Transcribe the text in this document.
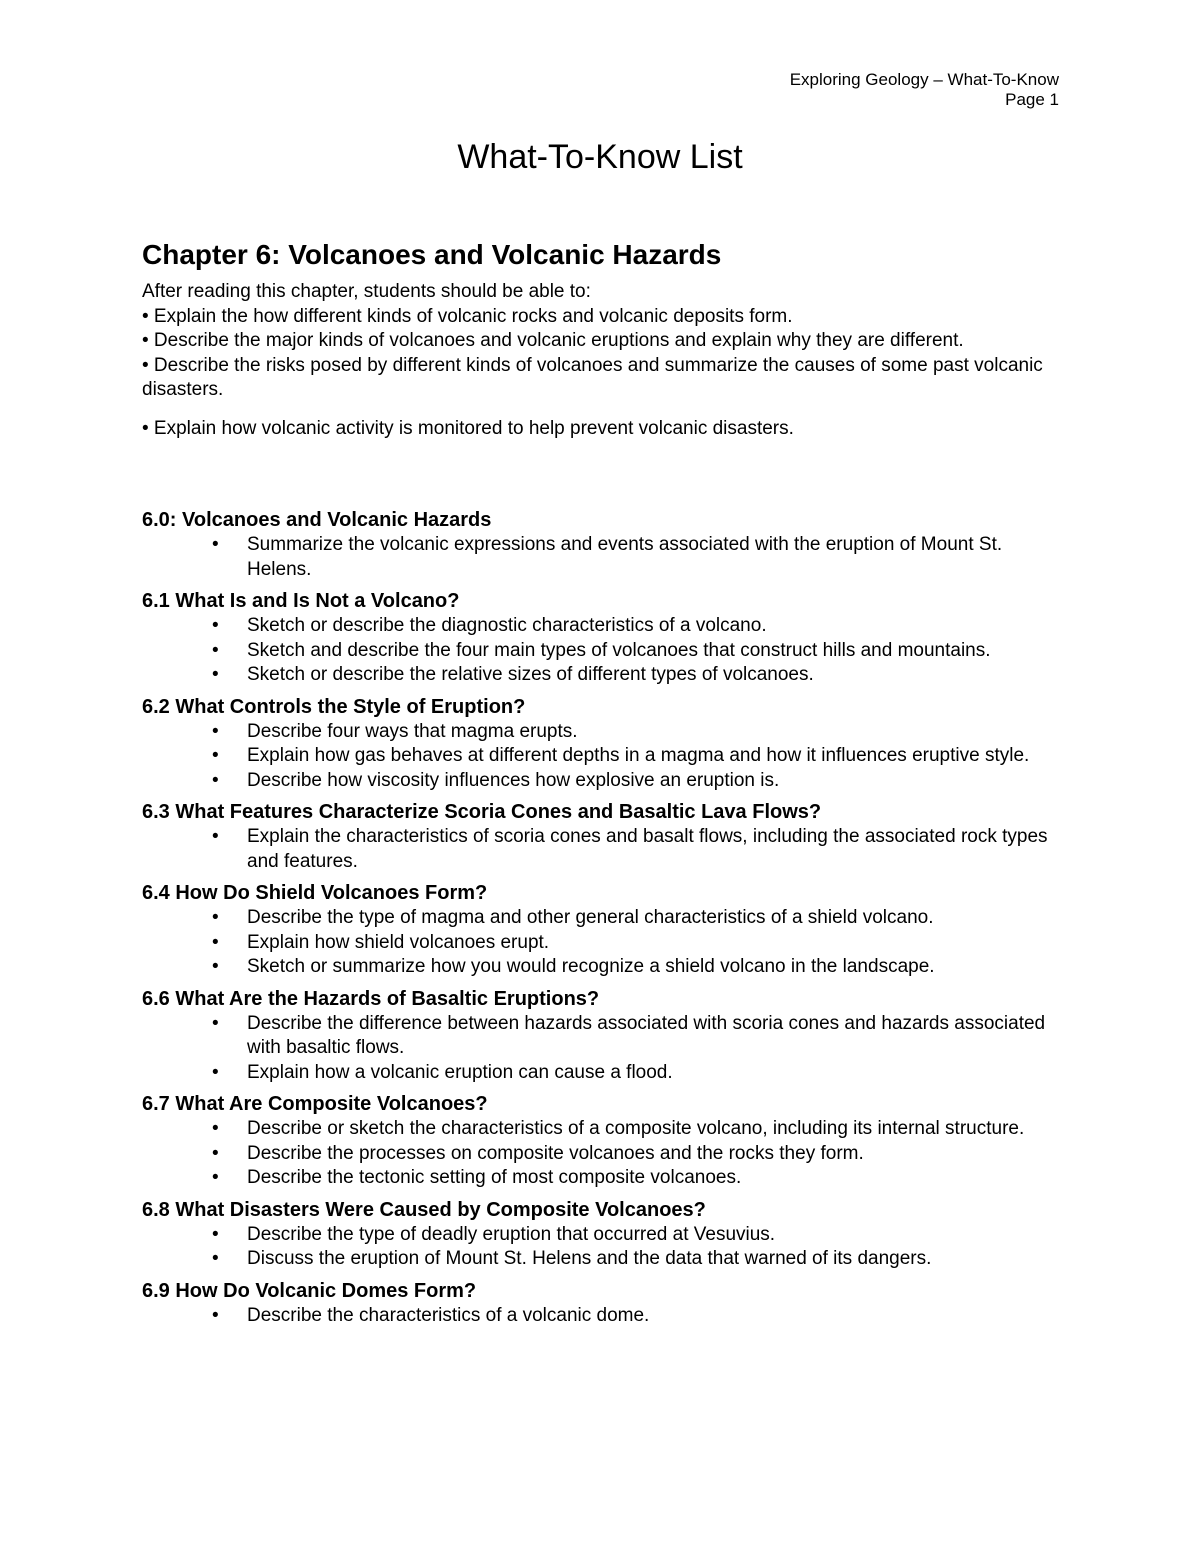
Exploring Geology – What-To-Know
Page 1
What-To-Know List
Chapter 6: Volcanoes and Volcanic Hazards

After reading this chapter, students should be able to:

• Explain the how different kinds of volcanic rocks and volcanic deposits form.

• Describe the major kinds of volcanoes and volcanic eruptions and explain why they are different.

• Describe the risks posed by different kinds of volcanoes and summarize the causes of some past volcanic disasters.

• Explain how volcanic activity is monitored to help prevent volcanic disasters.

6.0: Volcanoes and Volcanic Hazards
• Summarize the volcanic expressions and events associated with the eruption of Mount St. Helens.
6.1 What Is and Is Not a Volcano?
• Sketch or describe the diagnostic characteristics of a volcano.
• Sketch and describe the four main types of volcanoes that construct hills and mountains.
• Sketch or describe the relative sizes of different types of volcanoes.
6.2 What Controls the Style of Eruption?
• Describe four ways that magma erupts.
• Explain how gas behaves at different depths in a magma and how it influences eruptive style.
• Describe how viscosity influences how explosive an eruption is.
6.3 What Features Characterize Scoria Cones and Basaltic Lava Flows?
• Explain the characteristics of scoria cones and basalt flows, including the associated rock types and features.
6.4 How Do Shield Volcanoes Form?
• Describe the type of magma and other general characteristics of a shield volcano.
• Explain how shield volcanoes erupt.
• Sketch or summarize how you would recognize a shield volcano in the landscape.
6.6 What Are the Hazards of Basaltic Eruptions?
• Describe the difference between hazards associated with scoria cones and hazards associated with basaltic flows.
• Explain how a volcanic eruption can cause a flood.
6.7 What Are Composite Volcanoes?
• Describe or sketch the characteristics of a composite volcano, including its internal structure.
• Describe the processes on composite volcanoes and the rocks they form.
• Describe the tectonic setting of most composite volcanoes.
6.8 What Disasters Were Caused by Composite Volcanoes?
• Describe the type of deadly eruption that occurred at Vesuvius.
• Discuss the eruption of Mount St. Helens and the data that warned of its dangers.
6.9 How Do Volcanic Domes Form?
• Describe the characteristics of a volcanic dome.
